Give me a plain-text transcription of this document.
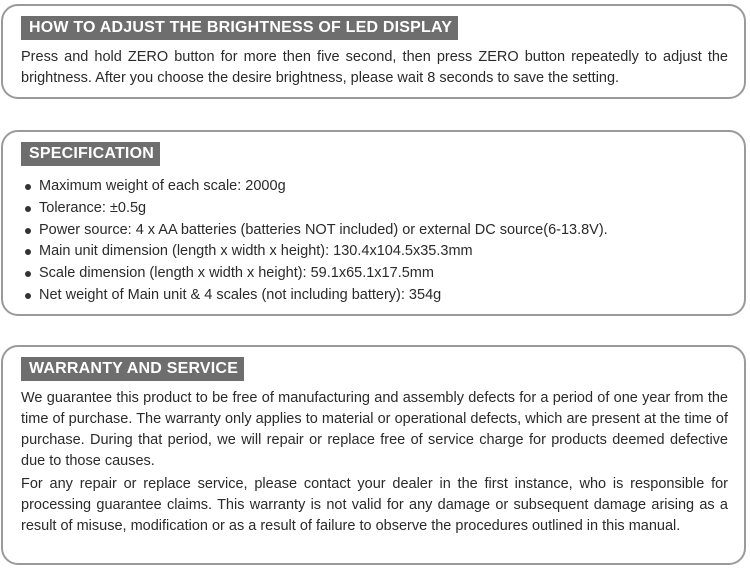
HOW TO ADJUST THE BRIGHTNESS OF LED DISPLAY

Press and hold ZERO button for more then five second, then press ZERO button repeatedly to adjust the brightness. After you choose the desire brightness, please wait 8 seconds to save the setting.

SPECIFICATION
Maximum weight of each scale: 2000g
Tolerance: ±0.5g
Power source: 4 x AA batteries (batteries NOT included) or external DC source(6-13.8V).
Main unit dimension (length x width x height): 130.4x104.5x35.3mm
Scale dimension (length x width x height): 59.1x65.1x17.5mm
Net weight of Main unit & 4 scales (not including battery): 354g
WARRANTY AND SERVICE

We guarantee this product to be free of manufacturing and assembly defects for a period of one year from the time of purchase. The warranty only applies to material or operational defects, which are present at the time of purchase. During that period, we will repair or replace free of service charge for products deemed defective due to those causes.

For any repair or replace service, please contact your dealer in the first instance, who is responsible for processing guarantee claims. This warranty is not valid for any damage or subsequent damage arising as a result of misuse, modification or as a result of failure to observe the procedures outlined in this manual.
